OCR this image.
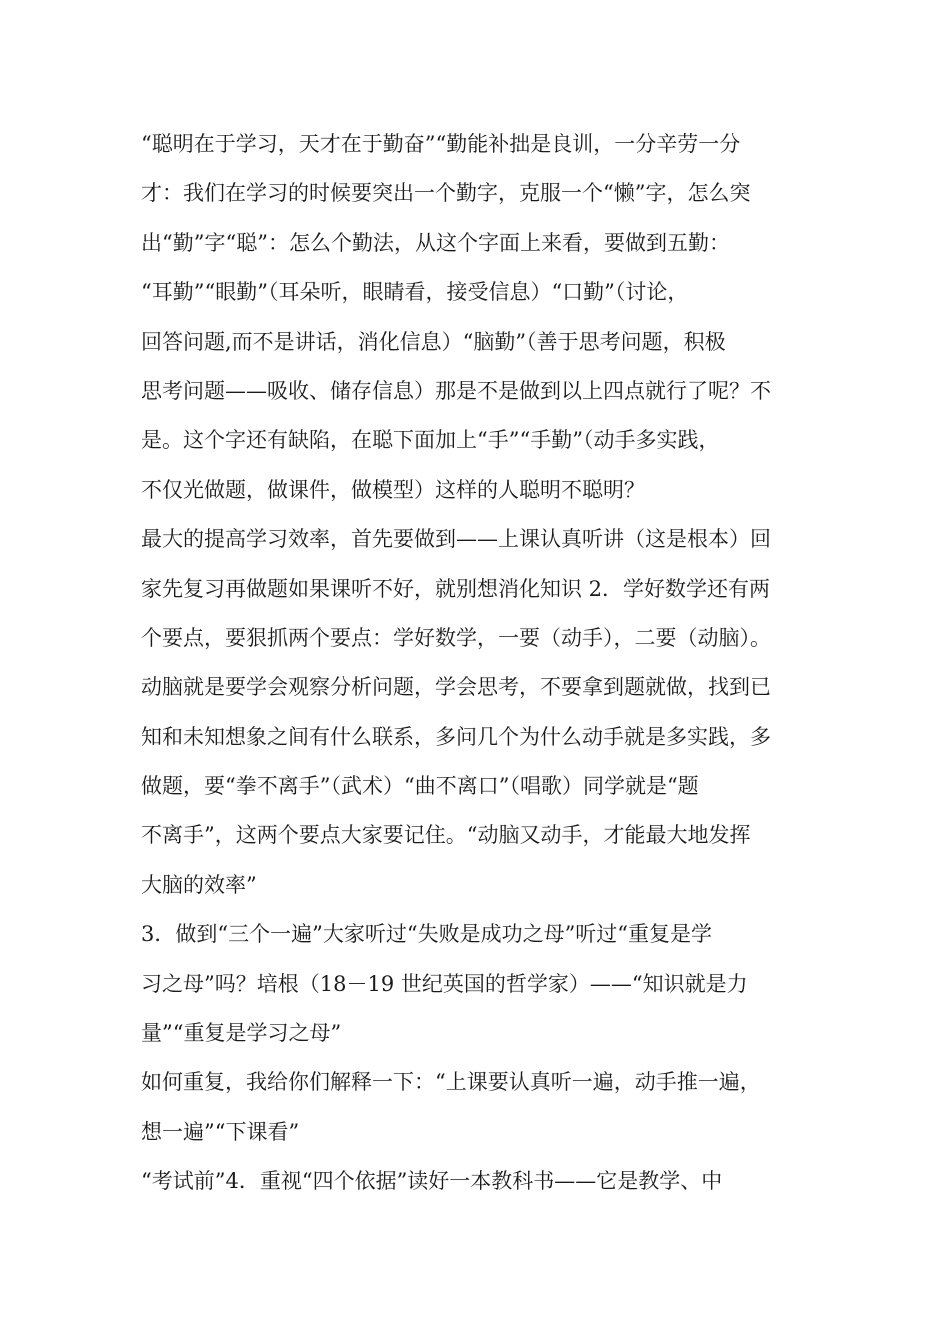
“聪明在于学习，天才在于勤奋”“勤能补拙是良训，一分辛劳一分
才：我们在学习的时候要突出一个勤字，克服一个“懒”字，怎么突
出“勤”字“聪”：怎么个勤法，从这个字面上来看，要做到五勤：
“耳勤”“眼勤”（耳朵听，眼睛看，接受信息）“口勤”（讨论，
回答问题,而不是讲话，消化信息）“脑勤”（善于思考问题，积极
思考问题——吸收、储存信息）那是不是做到以上四点就行了呢？不
是。这个字还有缺陷，在聪下面加上“手”“手勤”（动手多实践，
不仅光做题，做课件，做模型）这样的人聪明不聪明？
最大的提高学习效率，首先要做到——上课认真听讲（这是根本）回
家先复习再做题如果课听不好，就别想消化知识 2．学好数学还有两
个要点，要狠抓两个要点：学好数学，一要（动手），二要（动脑）。
动脑就是要学会观察分析问题，学会思考，不要拿到题就做，找到已
知和未知想象之间有什么联系，多问几个为什么动手就是多实践，多
做题，要“拳不离手”（武术）“曲不离口”（唱歌）同学就是“题
不离手”，这两个要点大家要记住。“动脑又动手，才能最大地发挥
大脑的效率”
3．做到“三个一遍”大家听过“失败是成功之母”听过“重复是学
习之母”吗？培根（18－19 世纪英国的哲学家）——“知识就是力
量”“重复是学习之母”
如何重复，我给你们解释一下：“上课要认真听一遍，动手推一遍，
想一遍”“下课看”
“考试前”4．重视“四个依据”读好一本教科书——它是教学、中
